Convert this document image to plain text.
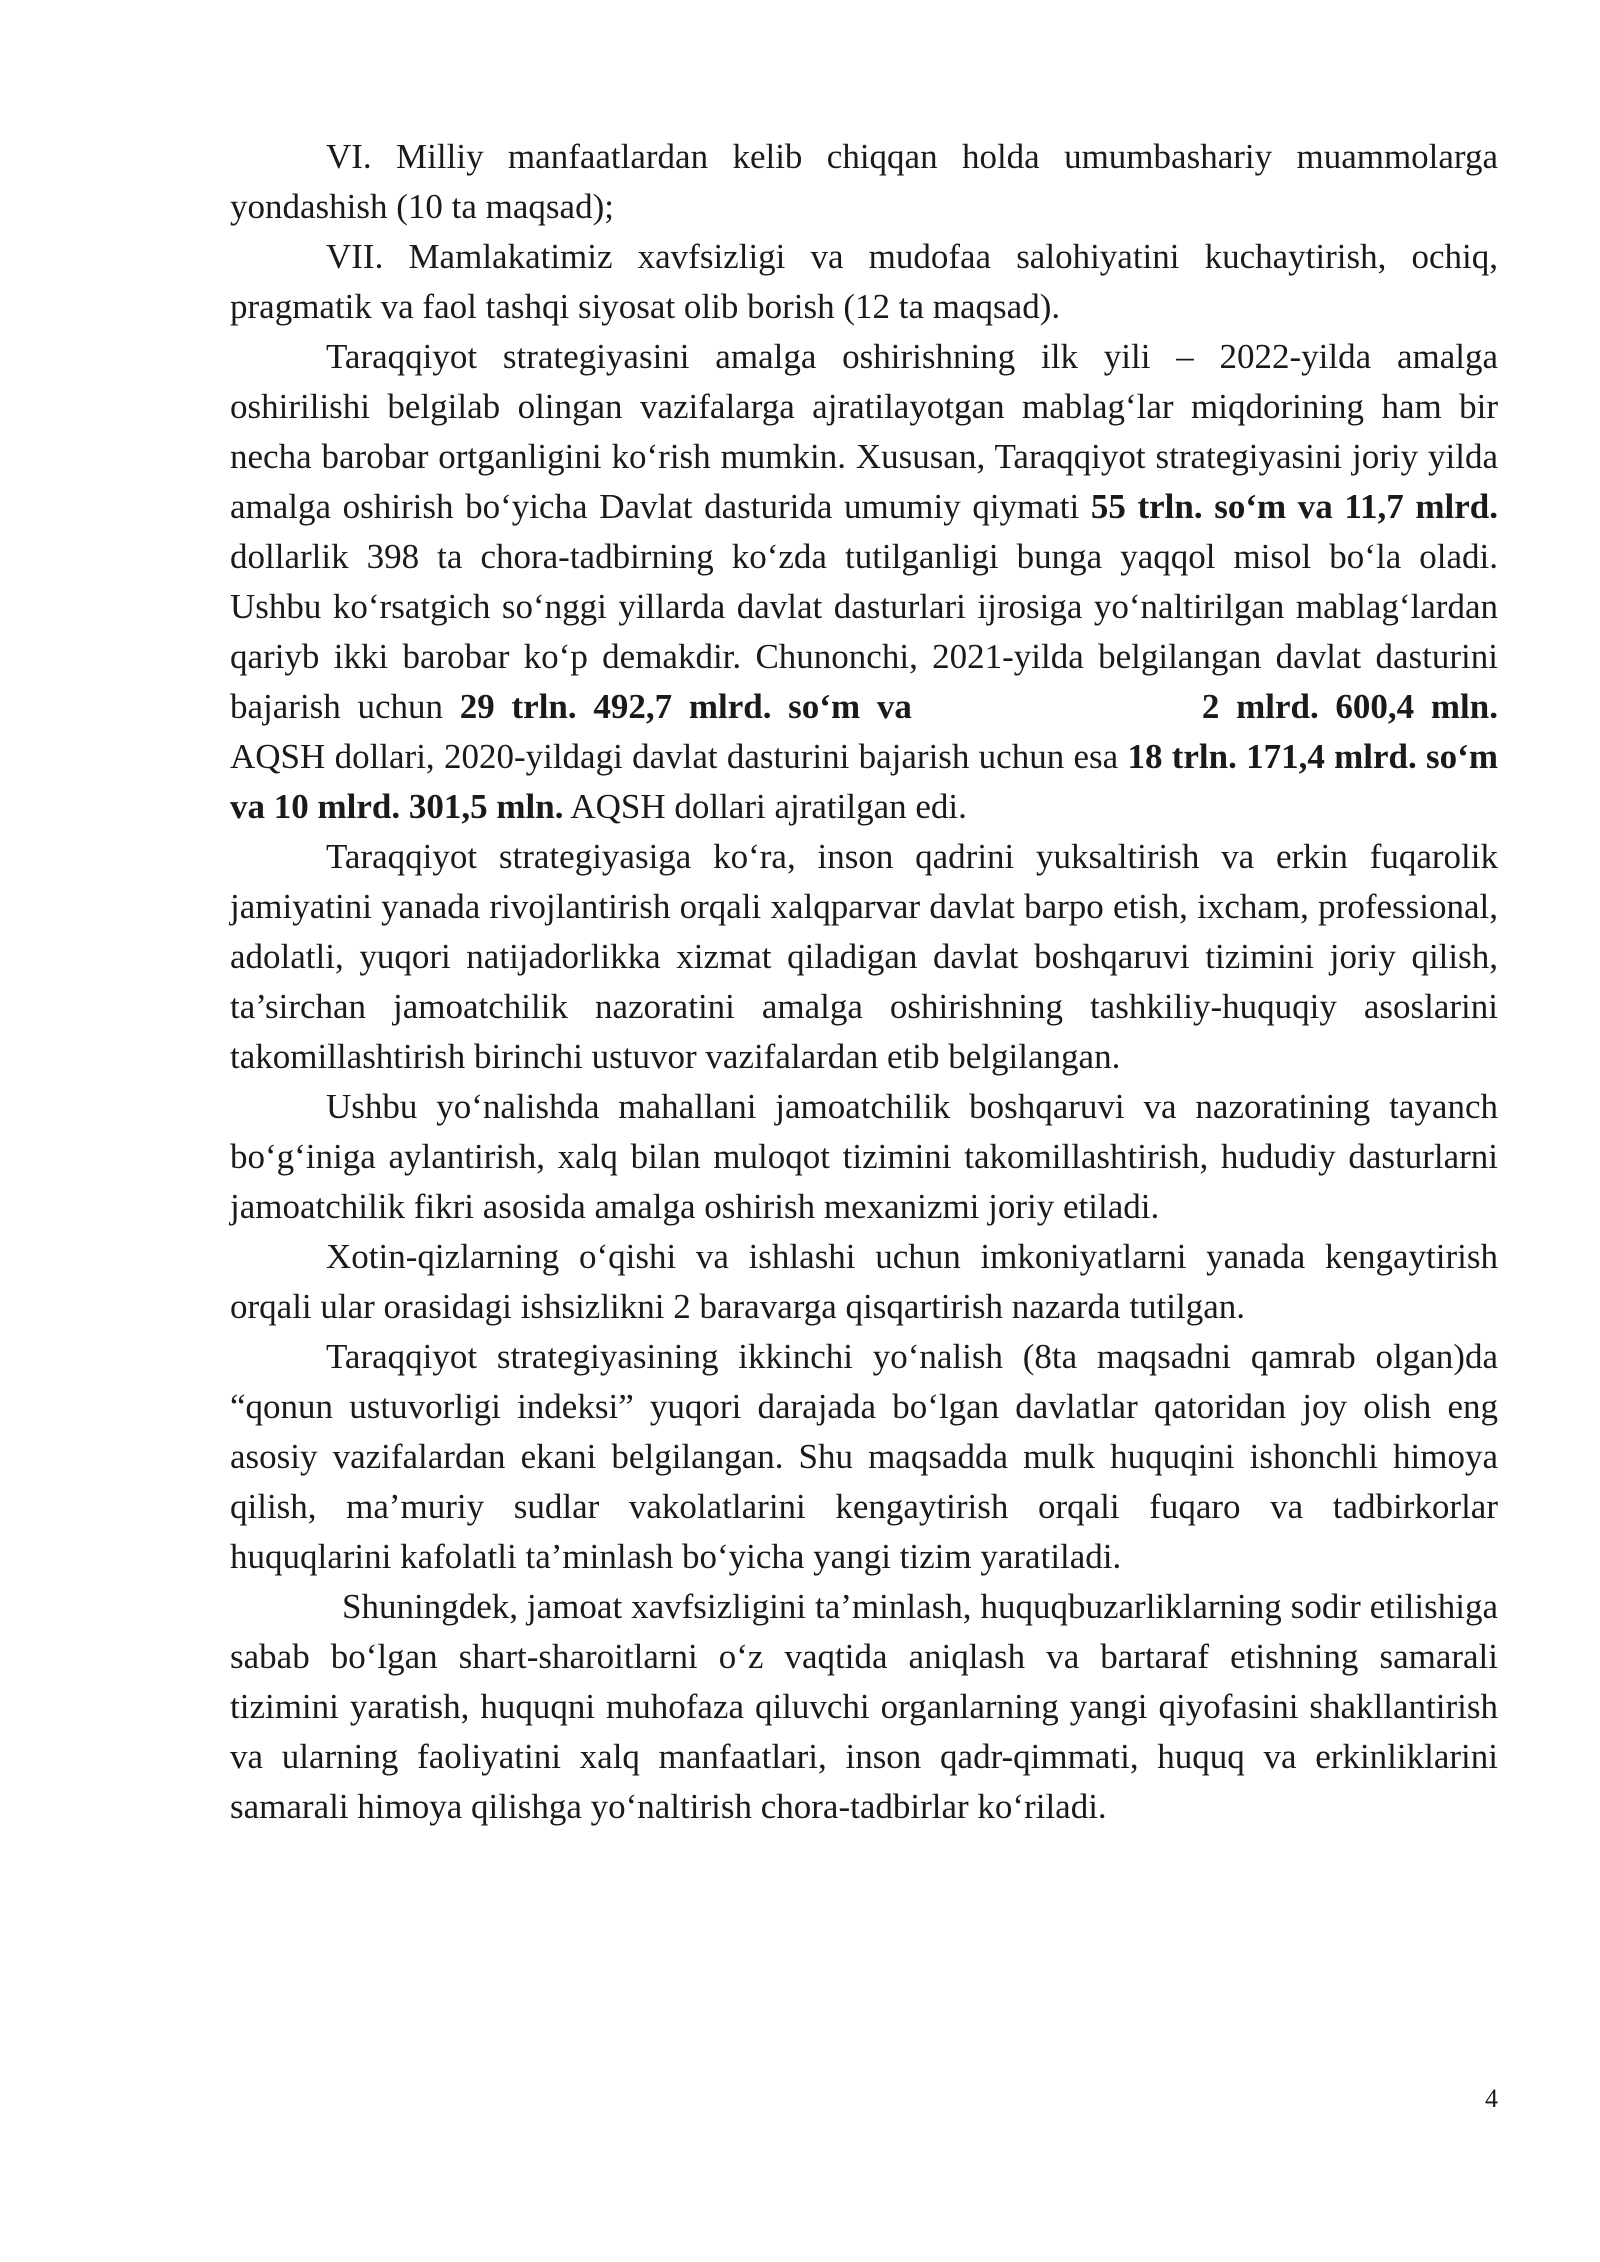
VI. Milliy manfaatlardan kelib chiqqan holda umumbashariy muammolarga yondashish (10 ta maqsad);

VII. Mamlakatimiz xavfsizligi va mudofaa salohiyatini kuchaytirish, ochiq, pragmatik va faol tashqi siyosat olib borish (12 ta maqsad).

Taraqqiyot strategiyasini amalga oshirishning ilk yili – 2022-yilda amalga oshirilishi belgilab olingan vazifalarga ajratilayotgan mablag‘lar miqdorining ham bir necha barobar ortganligini ko‘rish mumkin. Xususan, Taraqqiyot strategiyasini joriy yilda amalga oshirish bo‘yicha Davlat dasturida umumiy qiymati 55 trln. so‘m va 11,7 mlrd. dollarlik 398 ta chora-tadbirning ko‘zda tutilganligi bunga yaqqol misol bo‘la oladi. Ushbu ko‘rsatgich so‘nggi yillarda davlat dasturlari ijrosiga yo‘naltirilgan mablag‘lardan qariyb ikki barobar ko‘p demakdir. Chunonchi, 2021-yilda belgilangan davlat dasturini bajarish uchun 29 trln. 492,7 mlrd. so‘m va	2 mlrd. 600,4 mln. AQSH dollari, 2020-yildagi davlat dasturini bajarish uchun esa 18 trln. 171,4 mlrd. so‘m va 10 mlrd. 301,5 mln. AQSH dollari ajratilgan edi.

Taraqqiyot strategiyasiga ko‘ra, inson qadrini yuksaltirish va erkin fuqarolik jamiyatini yanada rivojlantirish orqali xalqparvar davlat barpo etish, ixcham, professional, adolatli, yuqori natijadorlikka xizmat qiladigan davlat boshqaruvi tizimini joriy qilish, ta’sirchan jamoatchilik nazoratini amalga oshirishning tashkiliy-huquqiy asoslarini takomillashtirish birinchi ustuvor vazifalardan etib belgilangan.

Ushbu yo‘nalishda mahallani jamoatchilik boshqaruvi va nazoratining tayanch bo‘g‘iniga aylantirish, xalq bilan muloqot tizimini takomillashtirish, hududiy dasturlarni jamoatchilik fikri asosida amalga oshirish mexanizmi joriy etiladi.

Xotin-qizlarning o‘qishi va ishlashi uchun imkoniyatlarni yanada kengaytirish orqali ular orasidagi ishsizlikni 2 baravarga qisqartirish nazarda tutilgan.

Taraqqiyot strategiyasining ikkinchi yo‘nalish (8ta maqsadni qamrab olgan)da “qonun ustuvorligi indeksi” yuqori darajada bo‘lgan davlatlar qatoridan joy olish eng asosiy vazifalardan ekani belgilangan. Shu maqsadda mulk huquqini ishonchli himoya qilish, ma’muriy sudlar vakolatlarini kengaytirish orqali fuqaro va tadbirkorlar huquqlarini kafolatli ta’minlash bo‘yicha yangi tizim yaratiladi.

Shuningdek, jamoat xavfsizligini ta’minlash, huquqbuzarliklarning sodir etilishiga sabab bo‘lgan shart-sharoitlarni o‘z vaqtida aniqlash va bartaraf etishning samarali tizimini yaratish, huquqni muhofaza qiluvchi organlarning yangi qiyofasini shakllantirish va ularning faoliyatini xalq manfaatlari, inson qadr-qimmati, huquq va erkinliklarini samarali himoya qilishga yo‘naltirish chora-tadbirlar ko‘riladi.

4
